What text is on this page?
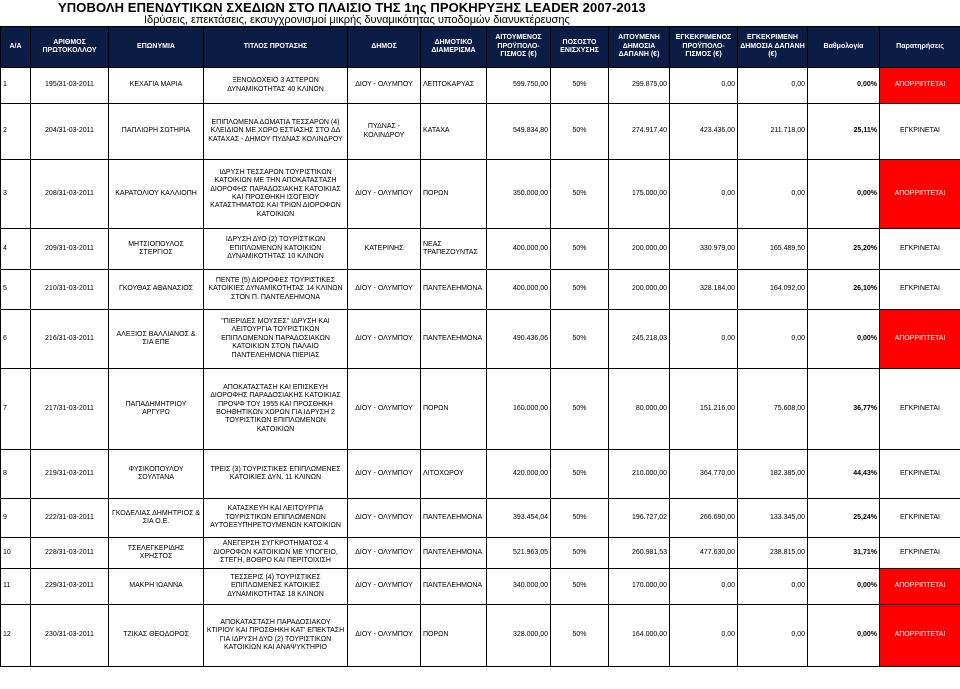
ΥΠΟΒΟΛΗ ΕΠΕΝΔΥΤΙΚΩΝ ΣΧΕΔΙΩΝ ΣΤΟ ΠΛΑΙΣΙΟ ΤΗΣ 1ης ΠΡΟΚΗΡΥΞΗΣ LEADER 2007-2013
Ιδρύσεις, επεκτάσεις, εκσυγχρονισμοί μικρής δυναμικότητας υποδομών διανυκτέρευσης
Α/Α	ΑΡΙΘΜΟΣ ΠΡΩΤΟΚΟΛΛΟΥ	ΕΠΩΝΥΜΙΑ	ΤΙΤΛΟΣ ΠΡΟΤΑΣΗΣ	ΔΗΜΟΣ	ΔΗΜΟΤΙΚΟ ΔΙΑΜΕΡΙΣΜΑ	ΑΙΤΟΥΜΕΝΟΣ ΠΡΟΫΠΟΛΟ- ΓΙΣΜΟΣ (€)	ΠΟΣΟΣΤΟ ΕΝΙΣΧΥΣΗΣ	ΑΙΤΟΥΜΕΝΗ ΔΗΜΟΣΙΑ ΔΑΠΑΝΗ (€)	ΕΓΚΕΚΡΙΜΕΝΟΣ ΠΡΟΫΠΟΛΟ- ΓΙΣΜΟΣ (€)	ΕΓΚΕΚΡΙΜΕΝΗ ΔΗΜΟΣΙΑ ΔΑΠΑΝΗ (€)	Βαθμολογία	Παρατηρήσεις
1	195/31-03-2011	ΚΕΧΑΓΙΑ ΜΑΡΙΑ	ΞΕΝΟΔΟΧΕΙΟ 3 ΑΣΤΕΡΩΝ ΔΥΝΑΜΙΚΟΤΗΤΑΣ 40 ΚΛΙΝΩΝ	ΔΙΟΥ - ΟΛΥΜΠΟΥ	ΛΕΠΤΟΚΑΡΥΑΣ	599.750,00	50%	299.875,00	0,00	0,00	0,00%	ΑΠΟΡΡΙΠΤΕΤΑΙ
2	204/31-03-2011	ΠΑΠΛΙΩΡΗ ΣΩΤΗΡΙΑ	ΕΠΙΠΛΩΜΕΝΑ ΔΩΜΑΤΙΑ ΤΕΣΣΑΡΩΝ (4) ΚΛΕΙΔΙΩΝ ΜΕ ΧΩΡΟ ΕΣΤΙΑΣΗΣ ΣΤΟ ΔΔ ΚΑΤΑΧΑΣ - ΔΗΜΟΥ ΠΥΔΝΑΣ ΚΟΛΙΝΔΡΟΥ	ΠΥΔΝΑΣ - ΚΟΛΙΝΔΡΟΥ	ΚΑΤΑΧΑ	549.834,80	50%	274.917,40	423.436,00	211.718,00	25,11%	ΕΓΚΡΙΝΕΤΑΙ
3	208/31-03-2011	ΚΑΡΑΤΟΛΙΟΥ ΚΑΛΛΙΟΠΗ	ΙΔΡΥΣΗ ΤΕΣΣΑΡΩΝ ΤΟΥΡΙΣΤΙΚΩΝ ΚΑΤΟΙΚΙΩΝ ΜΕ ΤΗΝ ΑΠΟΚΑΤΑΣΤΑΣΗ ΔΙΟΡΟΦΗΣ ΠΑΡΑΔΟΣΙΑΚΗΣ ΚΑΤΟΙΚΙΑΣ ΚΑΙ ΠΡΟΣΘΗΚΗ ΙΣΟΓΕΙΟΥ ΚΑΤΑΣΤΗΜΑΤΟΣ ΚΑΙ ΤΡΙΩΝ ΔΙΟΡΟΦΩΝ ΚΑΤΟΙΚΙΩΝ	ΔΙΟΥ - ΟΛΥΜΠΟΥ	ΠΟΡΩΝ	350.000,00	50%	175.000,00	0,00	0,00	0,00%	ΑΠΟΡΡΙΠΤΕΤΑΙ
4	209/31-03-2011	ΜΗΤΣΙΟΠΟΥΛΟΣ ΣΤΕΡΓΙΟΣ	ΙΔΡΥΣΗ ΔΥΟ (2) ΤΟΥΡΙΣΤΙΚΩΝ ΕΠΙΠΛΩΜΕΝΩΝ ΚΑΤΟΙΚΙΩΝ ΔΥΝΑΜΙΚΟΤΗΤΑΣ 10 ΚΛΙΝΩΝ	ΚΑΤΕΡΙΝΗΣ	ΝΕΑΣ ΤΡΑΠΕΖΟΥΝΤΑΣ	400.000,00	50%	200.000,00	330.979,00	165.489,50	25,20%	ΕΓΚΡΙΝΕΤΑΙ
5	210/31-03-2011	ΓΚΟΥΘΑΣ ΑΘΑΝΑΣΙΟΣ	ΠΕΝΤΕ (5) ΔΙΟΡΟΦΕΣ ΤΟΥΡΙΣΤΙΚΕΣ ΚΑΤΟΙΚΙΕΣ ΔΥΝΑΜΙΚΟΤΗΤΑΣ 14 ΚΛΙΝΩΝ ΣΤΟΝ Π. ΠΑΝΤΕΛΕΗΜΟΝΑ	ΔΙΟΥ - ΟΛΥΜΠΟΥ	ΠΑΝΤΕΛΕΗΜΟΝΑ	400.000,00	50%	200.000,00	328.184,00	164.092,00	26,10%	ΕΓΚΡΙΝΕΤΑΙ
6	216/31-03-2011	ΑΛΕΞΙΟΣ ΒΑΛΛΙΑΝΟΣ & ΣΙΑ ΕΠΕ	"ΠΙΕΡΙΔΕΣ ΜΟΥΣΕΣ" ΙΔΡΥΣΗ ΚΑΙ ΛΕΙΤΟΥΡΓΙΑ ΤΟΥΡΙΣΤΙΚΩΝ ΕΠΙΠΛΩΜΕΝΩΝ ΠΑΡΑΔΟΣΙΑΚΩΝ ΚΑΤΟΙΚΙΩΝ ΣΤΟΝ ΠΑΛΑΙΟ ΠΑΝΤΕΛΕΗΜΟΝΑ ΠΙΕΡΙΑΣ	ΔΙΟΥ - ΟΛΥΜΠΟΥ	ΠΑΝΤΕΛΕΗΜΟΝΑ	490.436,06	50%	245.218,03	0,00	0,00	0,00%	ΑΠΟΡΡΙΠΤΕΤΑΙ
7	217/31-03-2011	ΠΑΠΑΔΗΜΗΤΡΙΟΥ ΑΡΓΥΡΩ	ΑΠΟΚΑΤΑΣΤΑΣΗ ΚΑΙ ΕΠΙΣΚΕΥΗ ΔΙΟΡΟΦΗΣ ΠΑΡΑΔΟΣΙΑΚΗΣ ΚΑΤΟΙΚΙΑΣ ΠΡΟΨΦ ΤΟΥ 1955 ΚΑΙ ΠΡΟΣΘΗΚΗ ΒΟΗΘΗΤΙΚΩΝ ΧΩΡΩΝ ΓΙΑ ΙΔΡΥΣΗ 2 ΤΟΥΡΙΣΤΙΚΩΝ ΕΠΙΠΛΩΜΕΝΩΝ ΚΑΤΟΙΚΙΩΝ	ΔΙΟΥ - ΟΛΥΜΠΟΥ	ΠΟΡΩΝ	160.000,00	50%	80.000,00	151.216,00	75.608,00	36,77%	ΕΓΚΡΙΝΕΤΑΙ
8	219/31-03-2011	ΦΥΣΙΚΟΠΟΥΛΟΥ ΣΟΥΛΤΑΝΑ	ΤΡΕΙΣ (3) ΤΟΥΡΙΣΤΙΚΕΣ ΕΠΙΠΛΩΜΕΝΕΣ ΚΑΤΟΙΚΙΕΣ ΔΥΝ. 11 ΚΛΙΝΩΝ	ΔΙΟΥ - ΟΛΥΜΠΟΥ	ΛΙΤΟΧΩΡΟΥ	420.000,00	50%	210.000,00	364.770,00	182.385,00	44,43%	ΕΓΚΡΙΝΕΤΑΙ
9	222/31-03-2011	ΓΚΟΔΕΛΙΑΣ ΔΗΜΗΤΡΙΟΣ & ΣΙΑ Ο.Ε.	ΚΑΤΑΣΚΕΥΗ ΚΑΙ ΛΕΙΤΟΥΡΓΙΑ ΤΟΥΡΙΣΤΙΚΩΝ ΕΠΙΠΛΩΜΕΝΩΝ ΑΥΤΟΕΞΥΠΗΡΕΤΟΥΜΕΝΩΝ ΚΑΤΟΙΚΙΩΝ	ΔΙΟΥ - ΟΛΥΜΠΟΥ	ΠΑΝΤΕΛΕΗΜΟΝΑ	393.454,04	50%	196.727,02	266.690,00	133.345,00	25,24%	ΕΓΚΡΙΝΕΤΑΙ
10	228/31-03-2011	ΤΣΕΛΕΓΚΕΡΙΔΗΣ ΧΡΗΣΤΟΣ	ΑΝΕΓΕΡΣΗ ΣΥΓΚΡΟΤΗΜΑΤΟΣ 4 ΔΙΟΡΟΦΩΝ ΚΑΤΟΙΚΙΩΝ ΜΕ ΥΠΟΓΕΙΟ, ΣΤΕΓΗ, ΒΟΘΡΟ ΚΑΙ ΠΕΡΙΤΟΙΧΙΣΗ	ΔΙΟΥ - ΟΛΥΜΠΟΥ	ΠΑΝΤΕΛΕΗΜΟΝΑ	521.963,05	50%	260.981,53	477.630,00	238.815,00	31,71%	ΕΓΚΡΙΝΕΤΑΙ
11	229/31-03-2011	ΜΑΚΡΗ ΙΩΑΝΝΑ	ΤΕΣΣΕΡΙΣ (4) ΤΟΥΡΙΣΤΙΚΕΣ ΕΠΙΠΛΩΜΕΝΕΣ ΚΑΤΟΙΚΙΕΣ ΔΥΝΑΜΙΚΟΤΗΤΑΣ 18 ΚΛΙΝΩΝ	ΔΙΟΥ - ΟΛΥΜΠΟΥ	ΠΑΝΤΕΛΕΗΜΟΝΑ	340.000,00	50%	170.000,00	0,00	0,00	0,00%	ΑΠΟΡΡΙΠΤΕΤΑΙ
12	230/31-03-2011	ΤΖΙΚΑΣ ΘΕΟΔΩΡΟΣ	ΑΠΟΚΑΤΑΣΤΑΣΗ ΠΑΡΑΔΟΣΙΑΚΟΥ ΚΤΙΡΙΟΥ ΚΑΙ ΠΡΟΣΘΗΚΗ ΚΑΤ' ΕΠΕΚΤΑΣΗ ΓΙΑ ΙΔΡΥΣΗ ΔΥΟ (2) ΤΟΥΡΙΣΤΙΚΩΝ ΚΑΤΟΙΚΙΩΝ ΚΑΙ ΑΝΑΨΥΚΤΗΡΙΟ	ΔΙΟΥ - ΟΛΥΜΠΟΥ	ΠΟΡΩΝ	328.000,00	50%	164.000,00	0,00	0,00	0,00%	ΑΠΟΡΡΙΠΤΕΤΑΙ
